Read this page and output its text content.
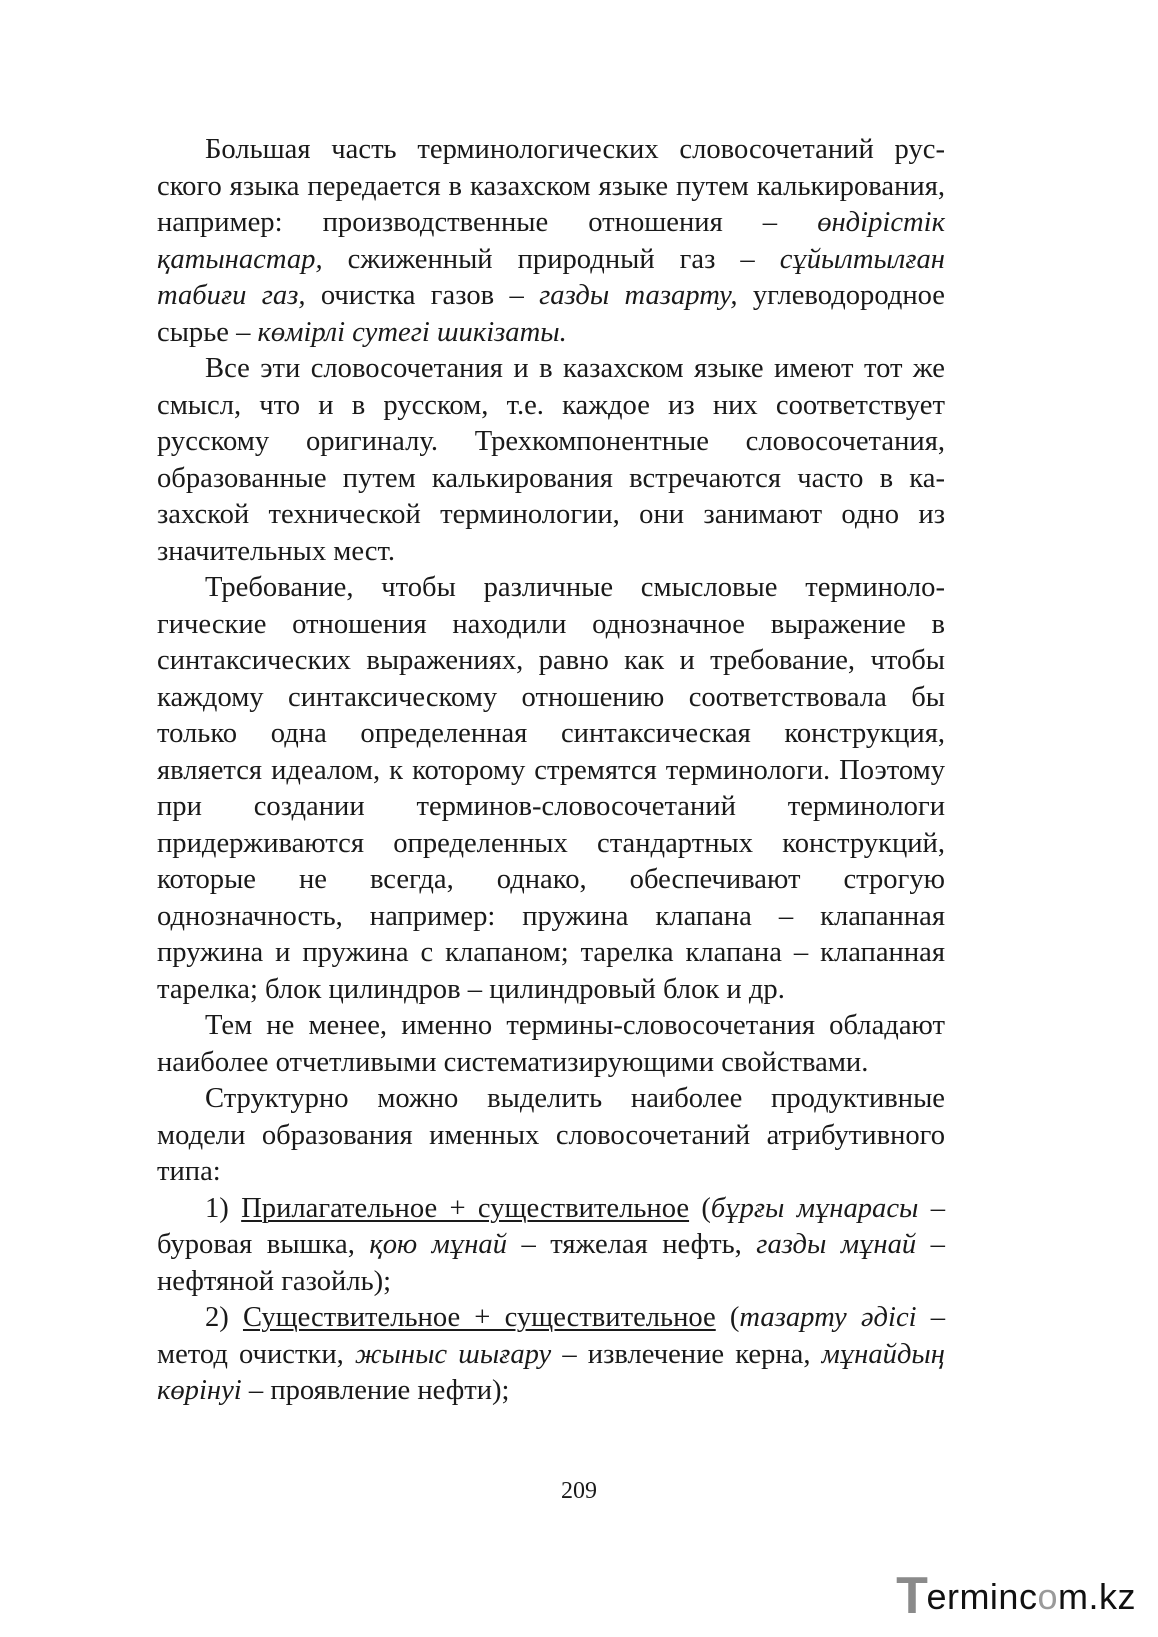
Большая часть терминологических словосочетаний русского языка передается в казахском языке путем калькирования, например: производственные отношения – өндірістік қатынастар, сжиженный природный газ – сұйылтылған табиғи газ, очистка газов – газды тазарту, углеводородное сырье – көмірлі сутегі шикізаты.

Все эти словосочетания и в казахском языке имеют тот же смысл, что и в русском, т.е. каждое из них соответствует русскому оригиналу. Трехкомпонентные словосочетания, образованные путем калькирования встречаются часто в казахской технической терминологии, они занимают одно из значительных мест.

Требование, чтобы различные смысловые терминологические отношения находили однозначное выражение в синтаксических выражениях, равно как и требование, чтобы каждому синтаксическому отношению соответствовала бы только одна определенная синтаксическая конструкция, является идеалом, к которому стремятся терминологи. Поэтому при создании терминов-словосочетаний терминологи придерживаются определенных стандартных конструкций, которые не всегда, однако, обеспечивают строгую однозначность, например: пружина клапана – клапанная пружина и пружина с клапаном; тарелка клапана – клапанная тарелка; блок цилиндров – цилиндровый блок и др.

Тем не менее, именно термины-словосочетания обладают наиболее отчетливыми систематизирующими свойствами.

Структурно можно выделить наиболее продуктивные модели образования именных словосочетаний атрибутивного типа:

1) Прилагательное + существительное (бұрғы мұнарасы – буровая вышка, қою мұнай – тяжелая нефть, газды мұнай – нефтяной газойль);

2) Существительное + существительное (тазарту әдісі – метод очистки, жыныс шығару – извлечение керна, мұнайдың көрінуі – проявление нефти);

209
Termincom.kz
